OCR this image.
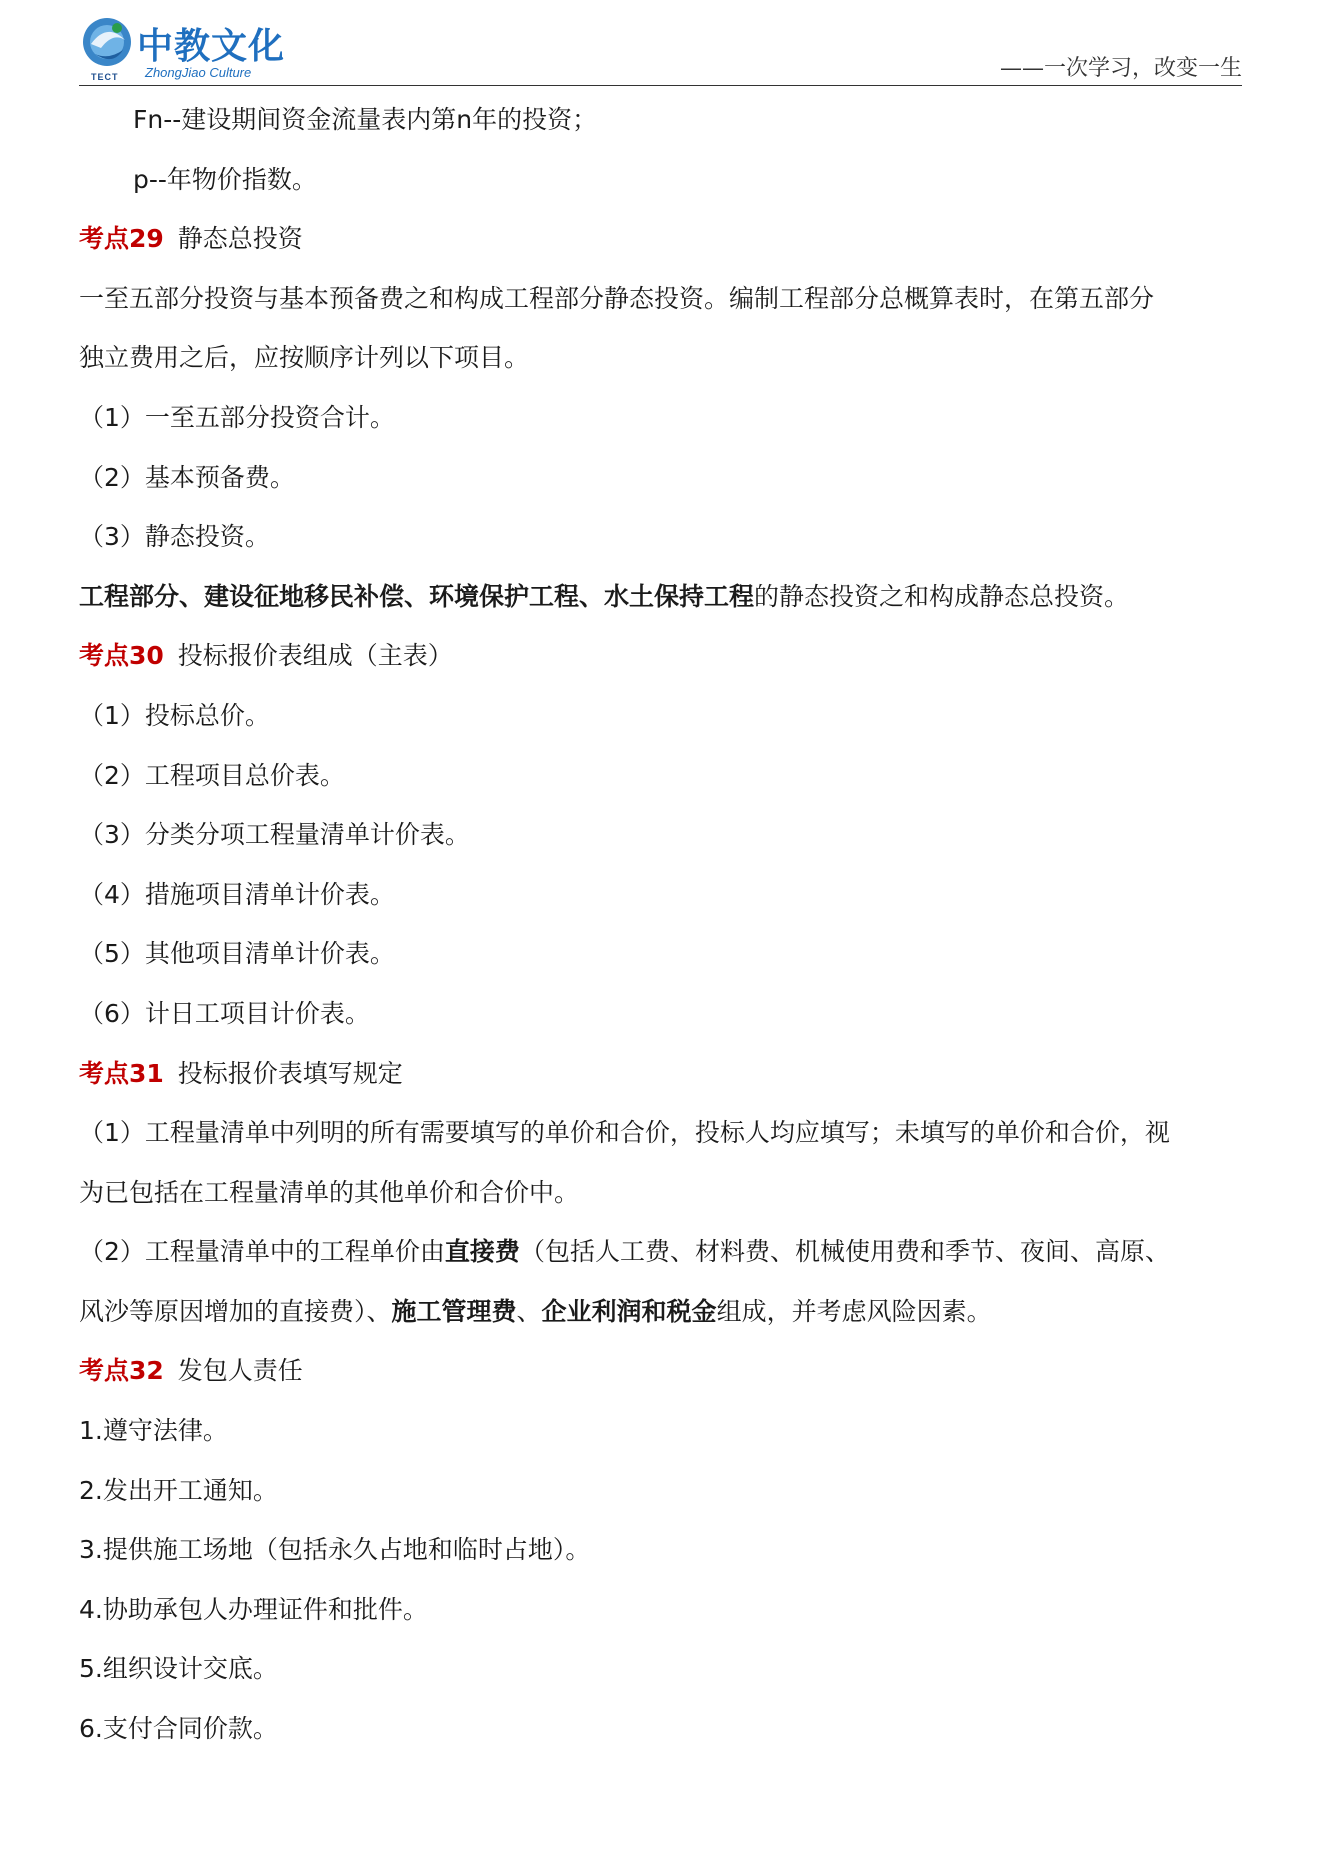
中教文化
ZhongJiao Culture
TECT	——一次学习，改变一生
Fn--建设期间资金流量表内第n年的投资；
p--年物价指数。
考点29 静态总投资
一至五部分投资与基本预备费之和构成工程部分静态投资。编制工程部分总概算表时，在第五部分
独立费用之后，应按顺序计列以下项目。
（1）一至五部分投资合计。
（2）基本预备费。
（3）静态投资。
工程部分、建设征地移民补偿、环境保护工程、水土保持工程的静态投资之和构成静态总投资。
考点30 投标报价表组成（主表）
（1）投标总价。
（2）工程项目总价表。
（3）分类分项工程量清单计价表。
（4）措施项目清单计价表。
（5）其他项目清单计价表。
（6）计日工项目计价表。
考点31 投标报价表填写规定
（1）工程量清单中列明的所有需要填写的单价和合价，投标人均应填写；未填写的单价和合价，视
为已包括在工程量清单的其他单价和合价中。
（2）工程量清单中的工程单价由直接费（包括人工费、材料费、机械使用费和季节、夜间、高原、
风沙等原因增加的直接费）、施工管理费、企业利润和税金组成，并考虑风险因素。
考点32 发包人责任
1.遵守法律。
2.发出开工通知。
3.提供施工场地（包括永久占地和临时占地）。
4.协助承包人办理证件和批件。
5.组织设计交底。
6.支付合同价款。
